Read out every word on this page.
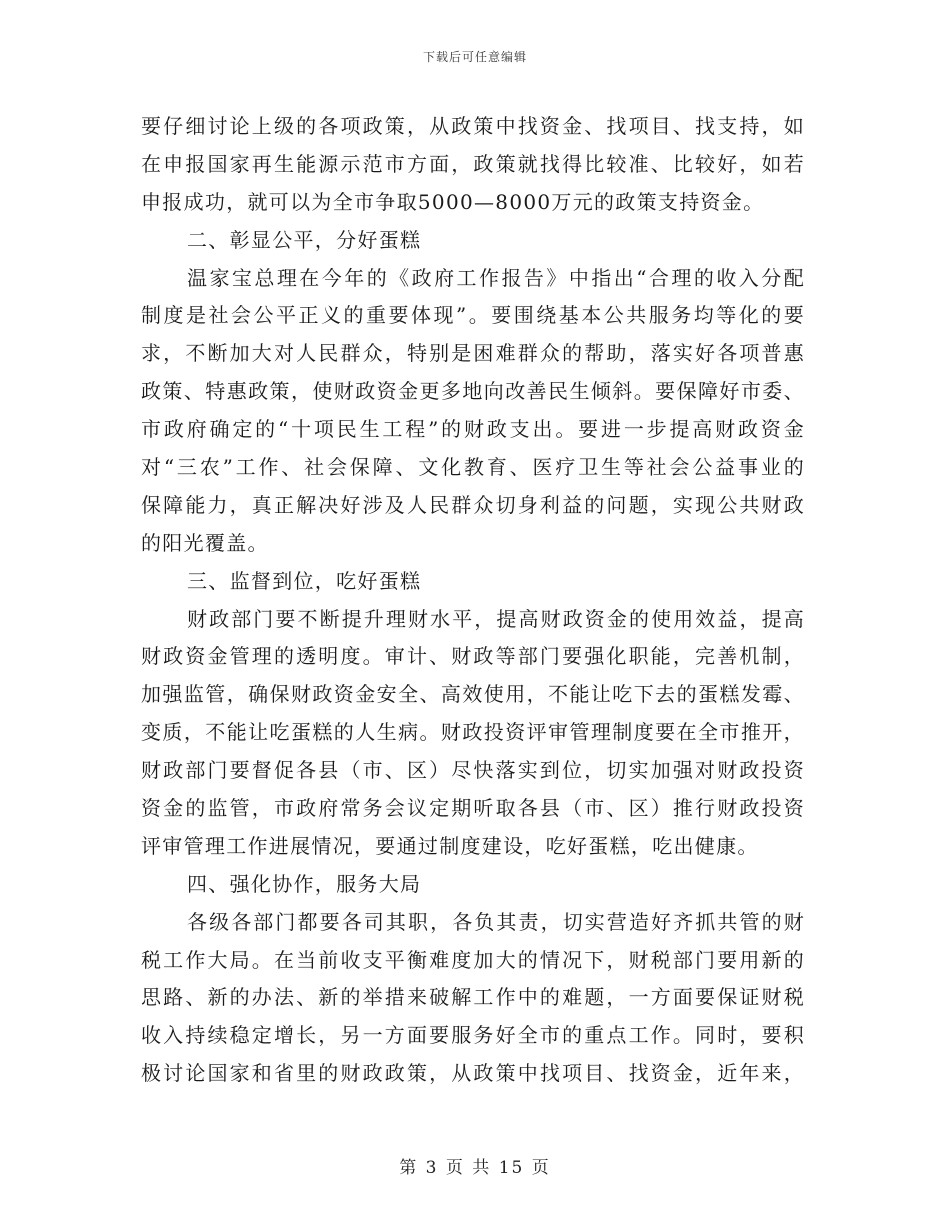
下载后可任意编辑
要仔细讨论上级的各项政策，从政策中找资金、找项目、找支持，如
在申报国家再生能源示范市方面，政策就找得比较准、比较好，如若
申报成功，就可以为全市争取5000—8000万元的政策支持资金。
二、彰显公平，分好蛋糕
温家宝总理在今年的《政府工作报告》中指出“合理的收入分配
制度是社会公平正义的重要体现”。要围绕基本公共服务均等化的要
求，不断加大对人民群众，特别是困难群众的帮助，落实好各项普惠
政策、特惠政策，使财政资金更多地向改善民生倾斜。要保障好市委、
市政府确定的“十项民生工程”的财政支出。要进一步提高财政资金
对“三农”工作、社会保障、文化教育、医疗卫生等社会公益事业的
保障能力，真正解决好涉及人民群众切身利益的问题，实现公共财政
的阳光覆盖。
三、监督到位，吃好蛋糕
财政部门要不断提升理财水平，提高财政资金的使用效益，提高
财政资金管理的透明度。审计、财政等部门要强化职能，完善机制，
加强监管，确保财政资金安全、高效使用，不能让吃下去的蛋糕发霉、
变质，不能让吃蛋糕的人生病。财政投资评审管理制度要在全市推开，
财政部门要督促各县（市、区）尽快落实到位，切实加强对财政投资
资金的监管，市政府常务会议定期听取各县（市、区）推行财政投资
评审管理工作进展情况，要通过制度建设，吃好蛋糕，吃出健康。
四、强化协作，服务大局
各级各部门都要各司其职，各负其责，切实营造好齐抓共管的财
税工作大局。在当前收支平衡难度加大的情况下，财税部门要用新的
思路、新的办法、新的举措来破解工作中的难题，一方面要保证财税
收入持续稳定增长，另一方面要服务好全市的重点工作。同时，要积
极讨论国家和省里的财政政策，从政策中找项目、找资金，近年来，
第 3 页 共 15 页
